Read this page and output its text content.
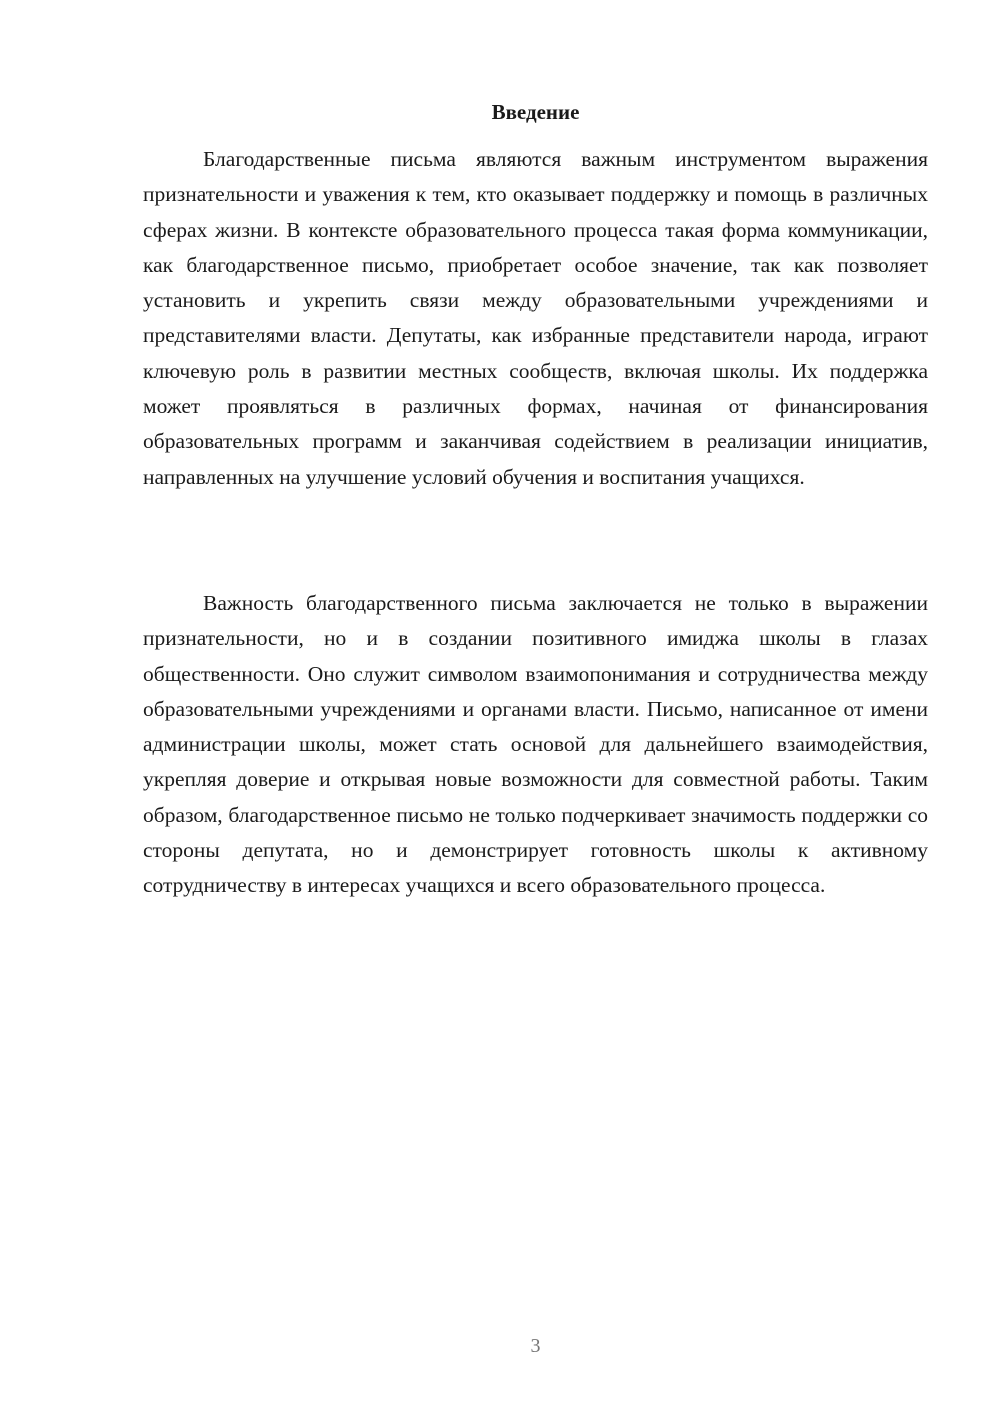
Введение

Благодарственные письма являются важным инструментом выражения признательности и уважения к тем, кто оказывает поддержку и помощь в различных сферах жизни. В контексте образовательного процесса такая форма коммуникации, как благодарственное письмо, приобретает особое значение, так как позволяет установить и укрепить связи между образовательными учреждениями и представителями власти. Депутаты, как избранные представители народа, играют ключевую роль в развитии местных сообществ, включая школы. Их поддержка может проявляться в различных формах, начиная от финансирования образовательных программ и заканчивая содействием в реализации инициатив, направленных на улучшение условий обучения и воспитания учащихся.

Важность благодарственного письма заключается не только в выражении признательности, но и в создании позитивного имиджа школы в глазах общественности. Оно служит символом взаимопонимания и сотрудничества между образовательными учреждениями и органами власти. Письмо, написанное от имени администрации школы, может стать основой для дальнейшего взаимодействия, укрепляя доверие и открывая новые возможности для совместной работы. Таким образом, благодарственное письмо не только подчеркивает значимость поддержки со стороны депутата, но и демонстрирует готовность школы к активному сотрудничеству в интересах учащихся и всего образовательного процесса.

3
